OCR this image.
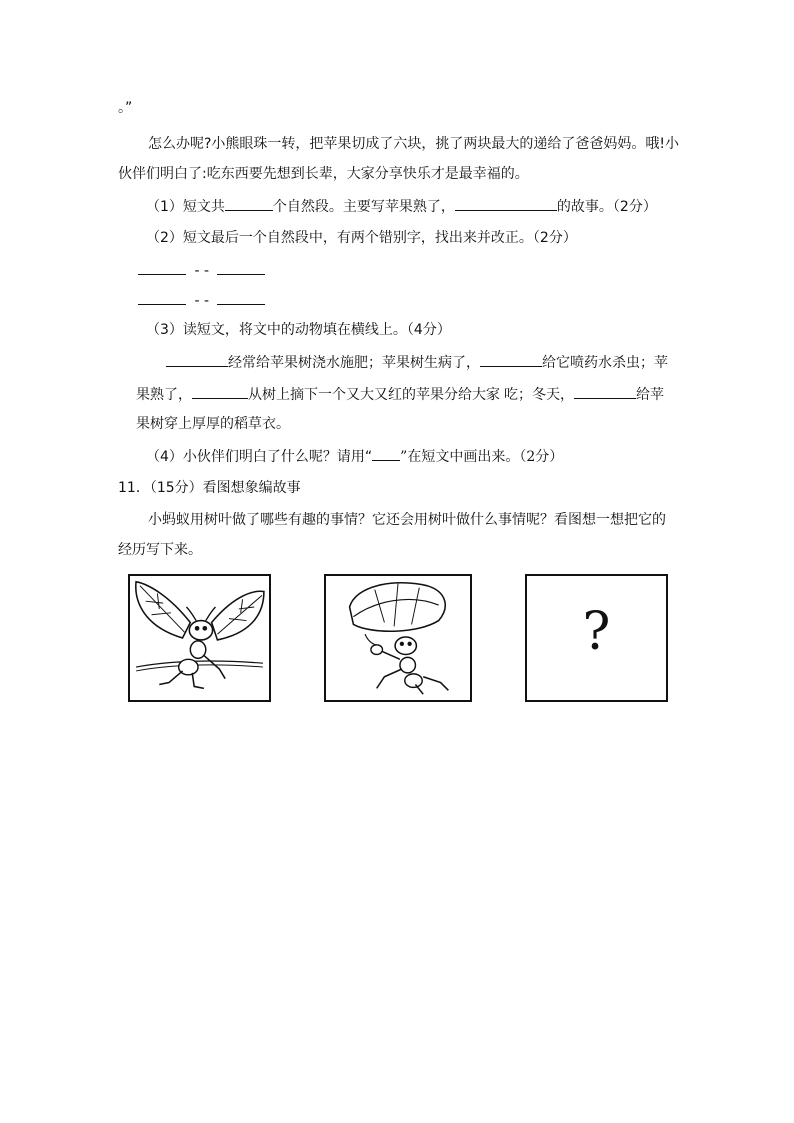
。”
怎么办呢?小熊眼珠一转，把苹果切成了六块，挑了两块最大的递给了爸爸妈妈。哦!小
伙伴们明白了:吃东西要先想到长辈，大家分享快乐才是最幸福的。
（1）短文共	个自然段。主要写苹果熟了，	的故事。（2分）
（2）短文最后一个自然段中，有两个错别字，找出来并改正。（2分）
- -
- -
（3）读短文，将文中的动物填在横线上。（4分）
经常给苹果树浇水施肥；苹果树生病了，	给它喷药水杀虫；苹
果熟了，	从树上摘下一个又大又红的苹果分给大家 吃；冬天，	给苹
果树穿上厚厚的稻草衣。
（4）小伙伴们明白了什么呢？请用“ ”在短文中画出来。（2分）
11．（15分）看图想象编故事
小蚂蚁用树叶做了哪些有趣的事情？它还会用树叶做什么事情呢？看图想一想把它的
经历写下来。
?
